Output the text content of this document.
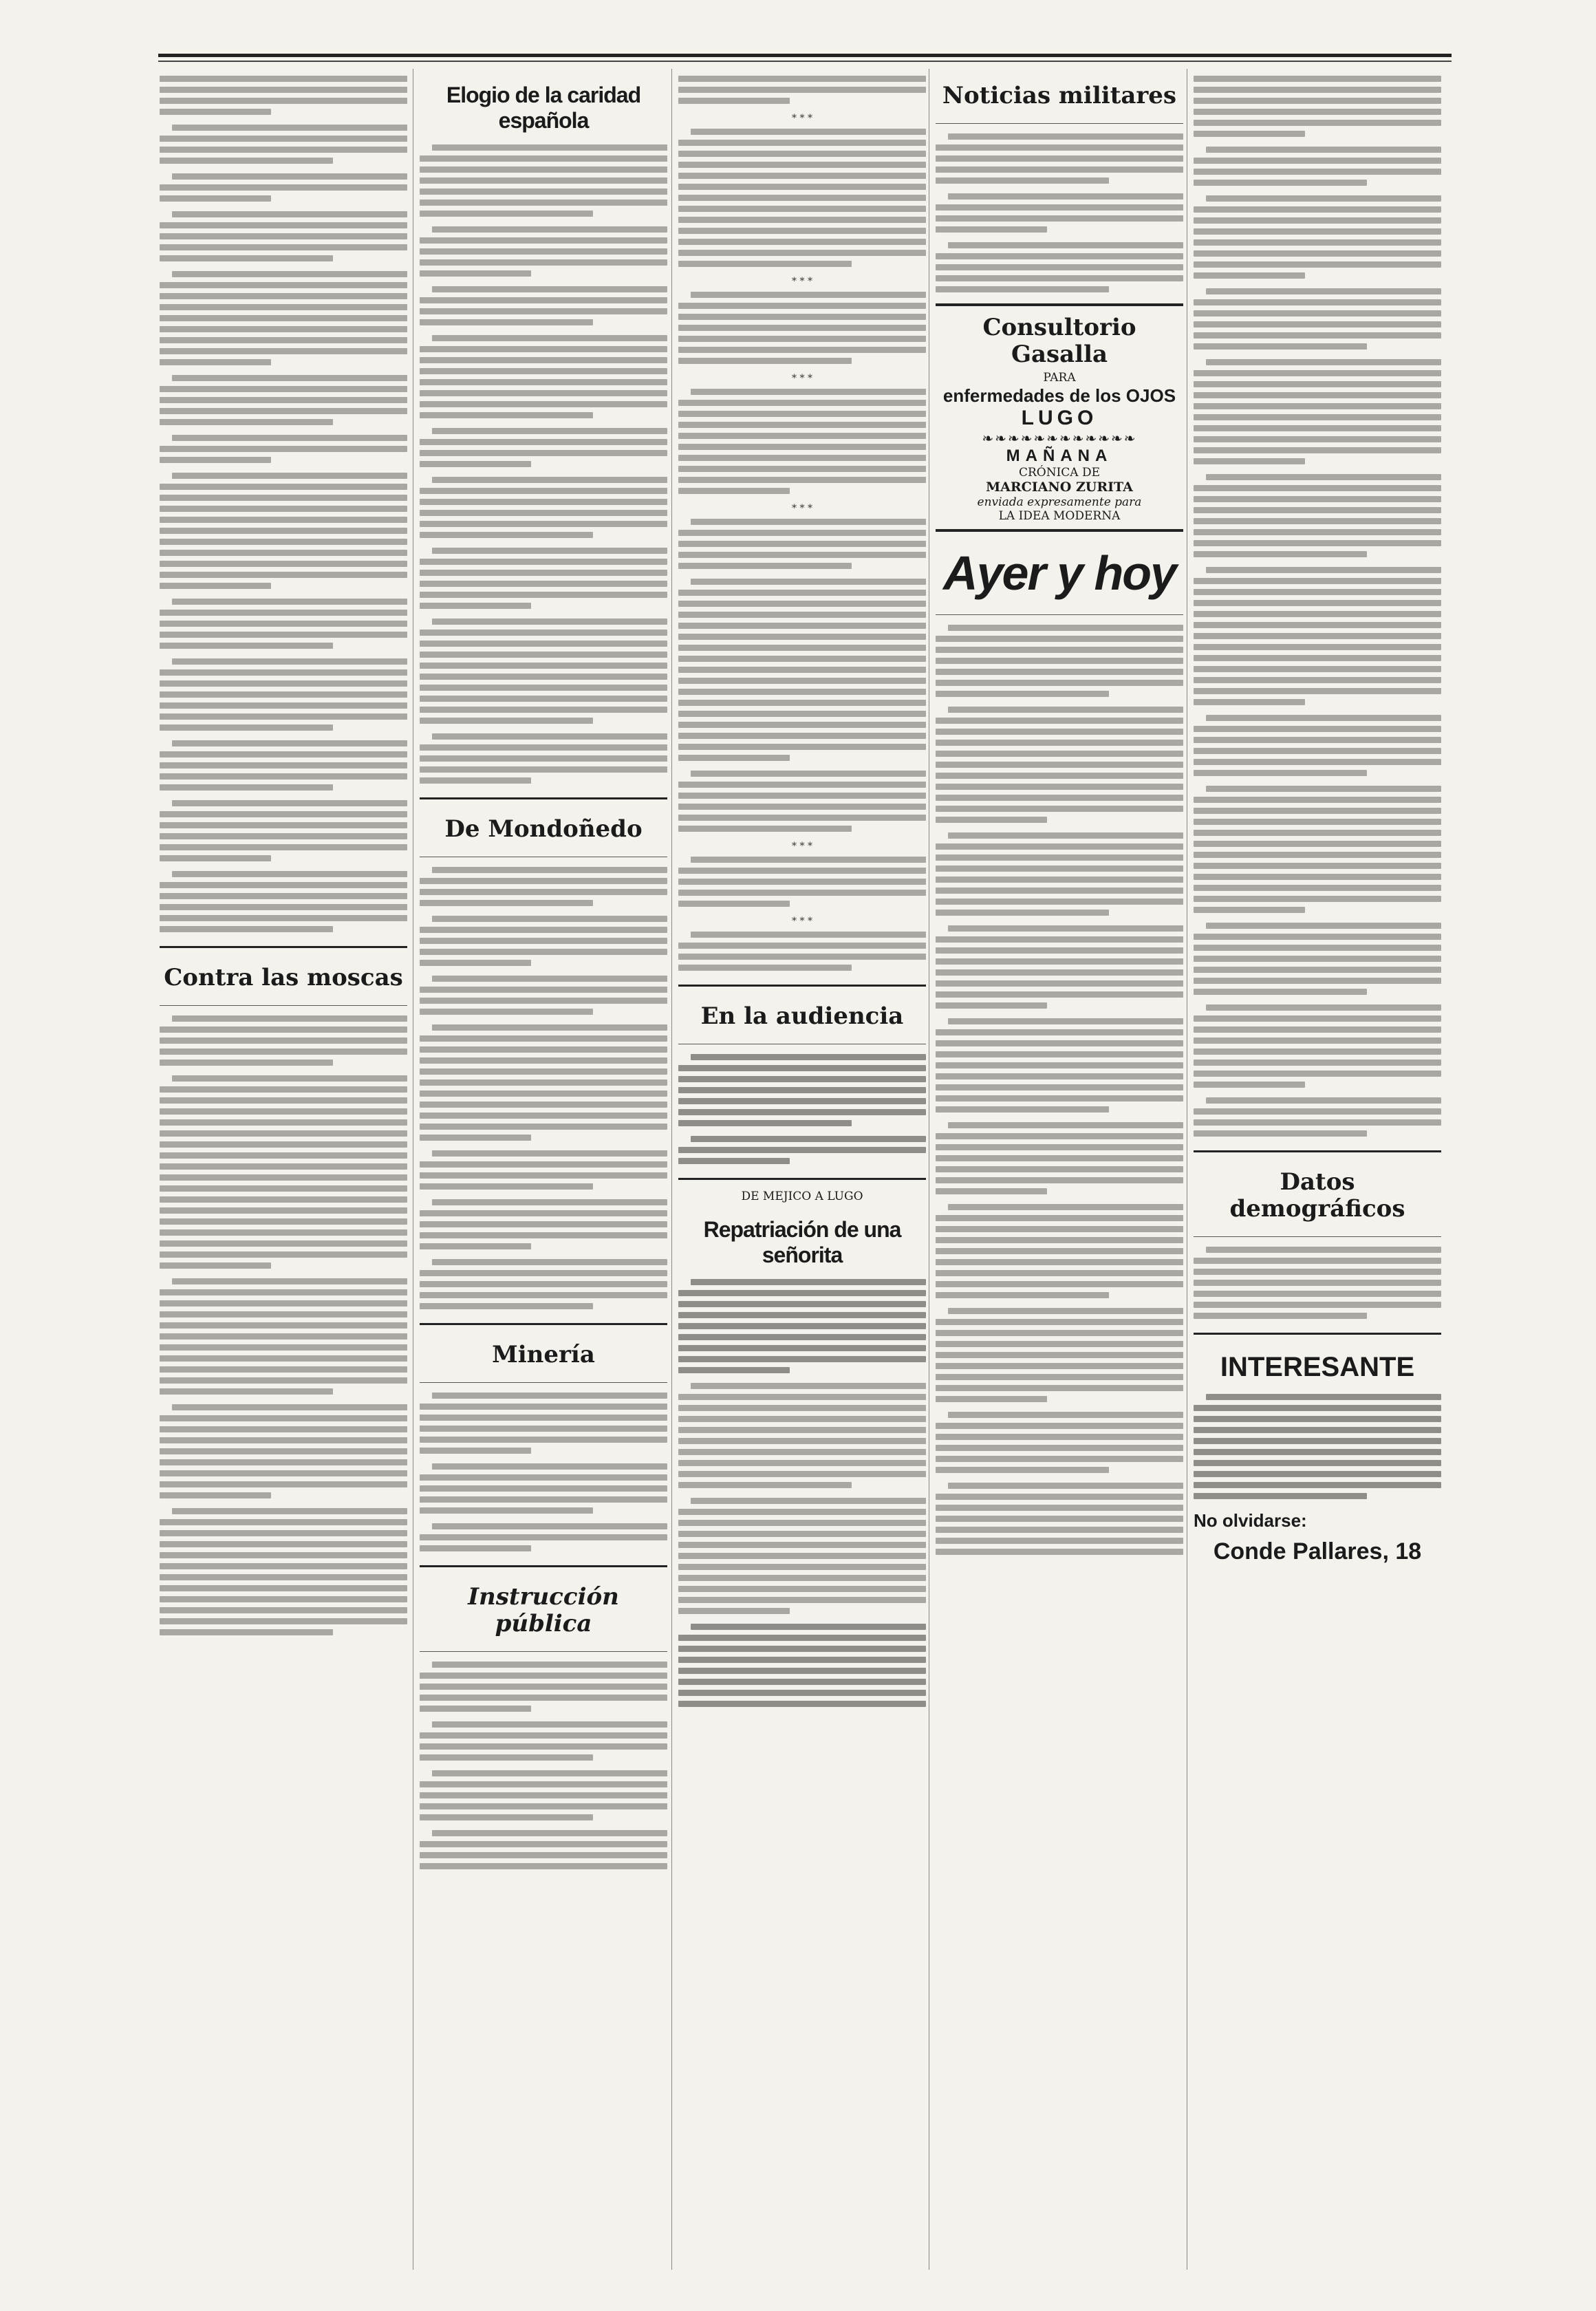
Contra las moscas
Elogio de la caridad española
De Mondoñedo
Minería
Instrucción pública
* * *
* * *
* * *
* * *
* * *
* * *
En la audiencia
DE MEJICO A LUGO
Repatriación de una señorita
Noticias militares
Consultorio Gasalla
PARA
enfermedades de los OJOS
LUGO
❧❧❧❧❧❧❧❧❧❧❧❧
MAÑANA
CRÓNICA DE
MARCIANO ZURITA
enviada expresamente para
LA IDEA MODERNA
Ayer y hoy
Datos demográficos
INTERESANTE
No olvidarse:
Conde Pallares, 18
